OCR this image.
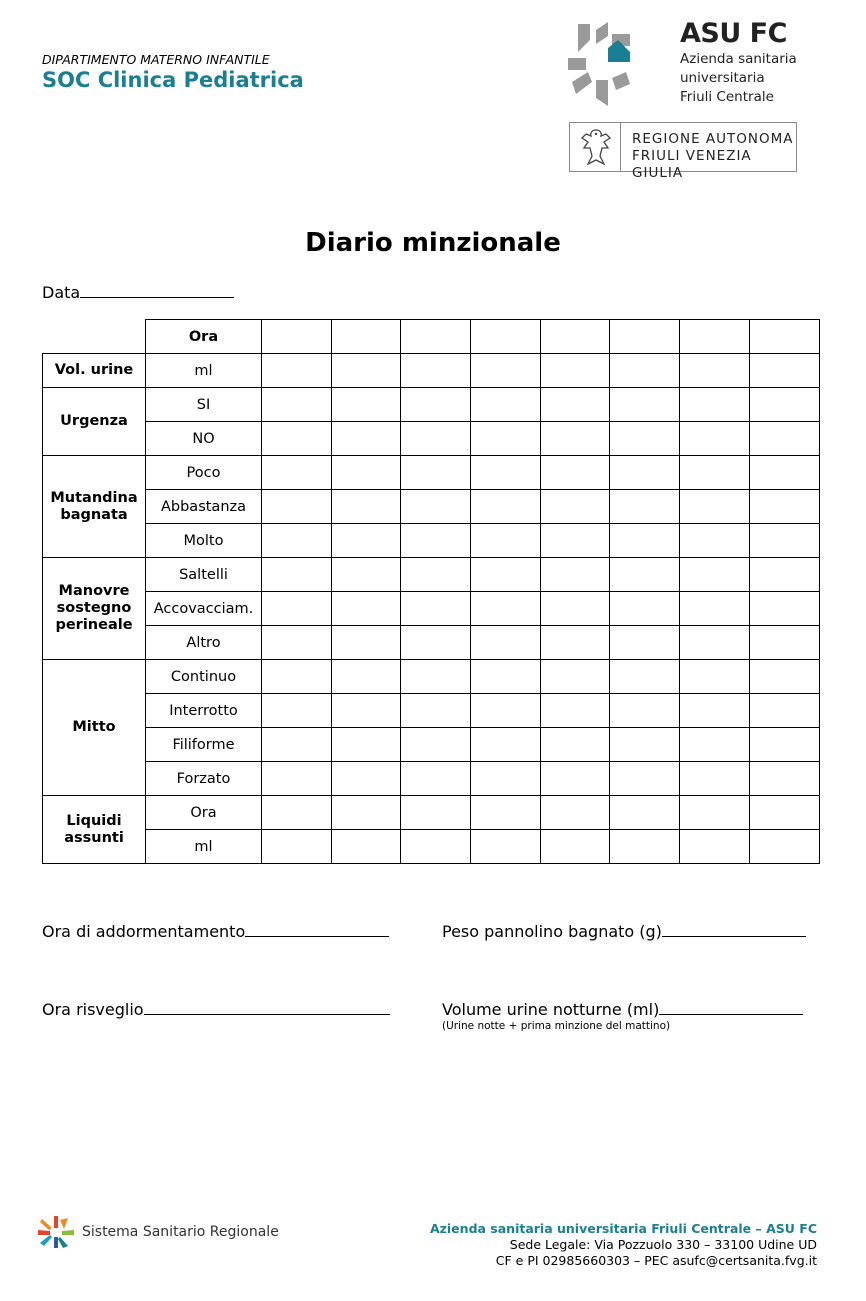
DIPARTIMENTO MATERNO INFANTILE
SOC Clinica Pediatrica
ASU FC
Azienda sanitaria
universitaria
Friuli Centrale
REGIONE AUTONOMA
FRIULI VENEZIA GIULIA
Diario minzionale
Data
	Ora								

Vol. urine	ml								

Urgenza	SI								
	NO								

Mutandina
bagnata	Poco								
	Abbastanza								
	Molto								

Manovre
sostegno
perineale	Saltelli								
	Accovacciam.								
	Altro								

Mitto	Continuo								
	Interrotto								
	Filiforme								
	Forzato								

Liquidi
assunti	Ora								
	ml								
Ora di addormentamento	Peso pannolino bagnato (g)
Ora risveglio	Volume urine notturne (ml)
(Urine notte + prima minzione del mattino)
Sistema Sanitario Regionale	Azienda sanitaria universitaria Friuli Centrale – ASU FC
Sede Legale: Via Pozzuolo 330 – 33100 Udine UD
CF e PI 02985660303 – PEC asufc@certsanita.fvg.it
